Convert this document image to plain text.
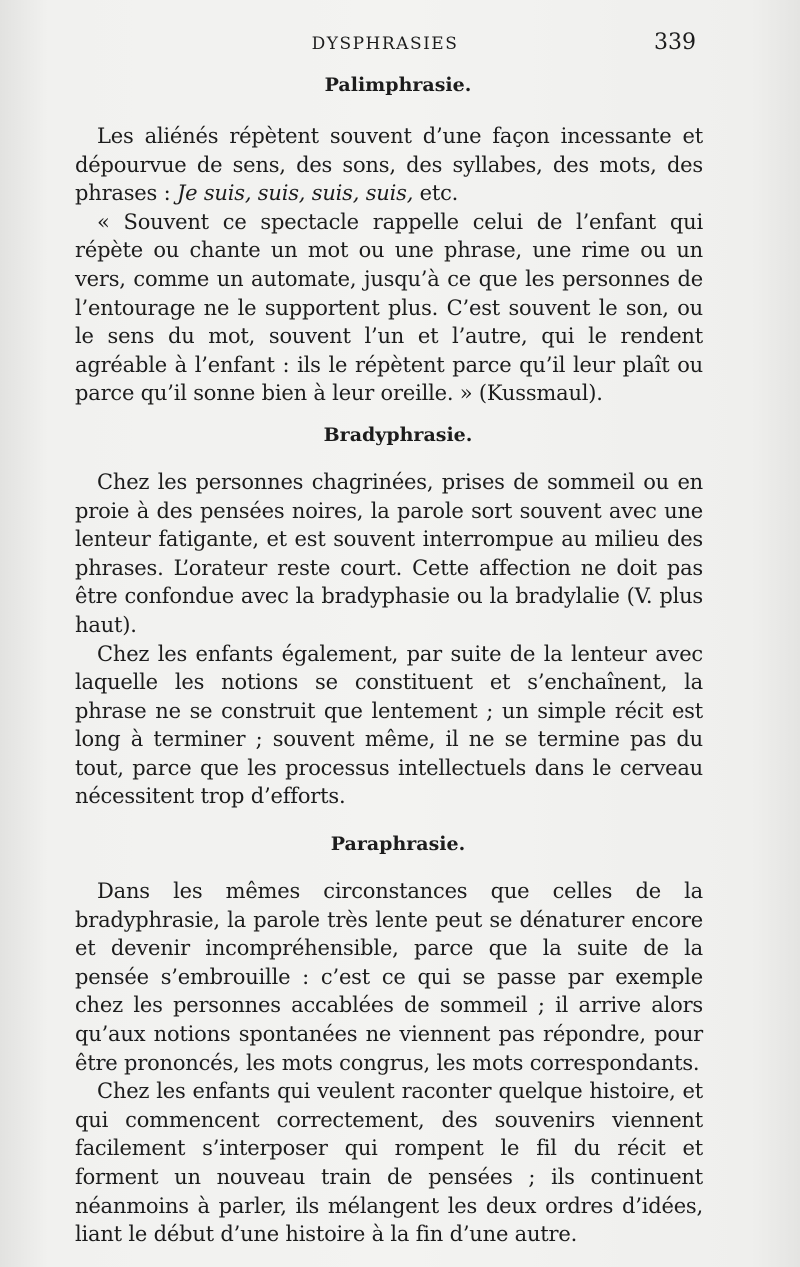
DYSPHRASIES	339
Palimphrasie.

Les aliénés répètent souvent d’une façon incessante et dépourvue de sens, des sons, des syllabes, des mots, des phrases : Je suis, suis, suis, suis, etc.

« Souvent ce spectacle rappelle celui de l’enfant qui répète ou chante un mot ou une phrase, une rime ou un vers, comme un automate, jusqu’à ce que les personnes de l’entourage ne le supportent plus. C’est souvent le son, ou le sens du mot, souvent l’un et l’autre, qui le rendent agréable à l’enfant : ils le répètent parce qu’il leur plaît ou parce qu’il sonne bien à leur oreille. » (Kussmaul).

Bradyphrasie.

Chez les personnes chagrinées, prises de sommeil ou en proie à des pensées noires, la parole sort souvent avec une lenteur fatigante, et est souvent interrompue au milieu des phrases. L’orateur reste court. Cette affection ne doit pas être confondue avec la bradyphasie ou la bradylalie (V. plus haut).

Chez les enfants également, par suite de la lenteur avec laquelle les notions se constituent et s’enchaînent, la phrase ne se construit que lentement ; un simple récit est long à terminer ; souvent même, il ne se termine pas du tout, parce que les processus intellectuels dans le cerveau nécessitent trop d’efforts.

Paraphrasie.

Dans les mêmes circonstances que celles de la bradyphrasie, la parole très lente peut se dénaturer encore et devenir incompréhensible, parce que la suite de la pensée s’embrouille : c’est ce qui se passe par exemple chez les personnes accablées de sommeil ; il arrive alors qu’aux notions spontanées ne viennent pas répondre, pour être prononcés, les mots congrus, les mots correspondants.

Chez les enfants qui veulent raconter quelque histoire, et qui commencent correctement, des souvenirs viennent facilement s’interposer qui rompent le fil du récit et forment un nouveau train de pensées ; ils continuent néanmoins à parler, ils mélangent les deux ordres d’idées, liant le début d’une histoire à la fin d’une autre.
